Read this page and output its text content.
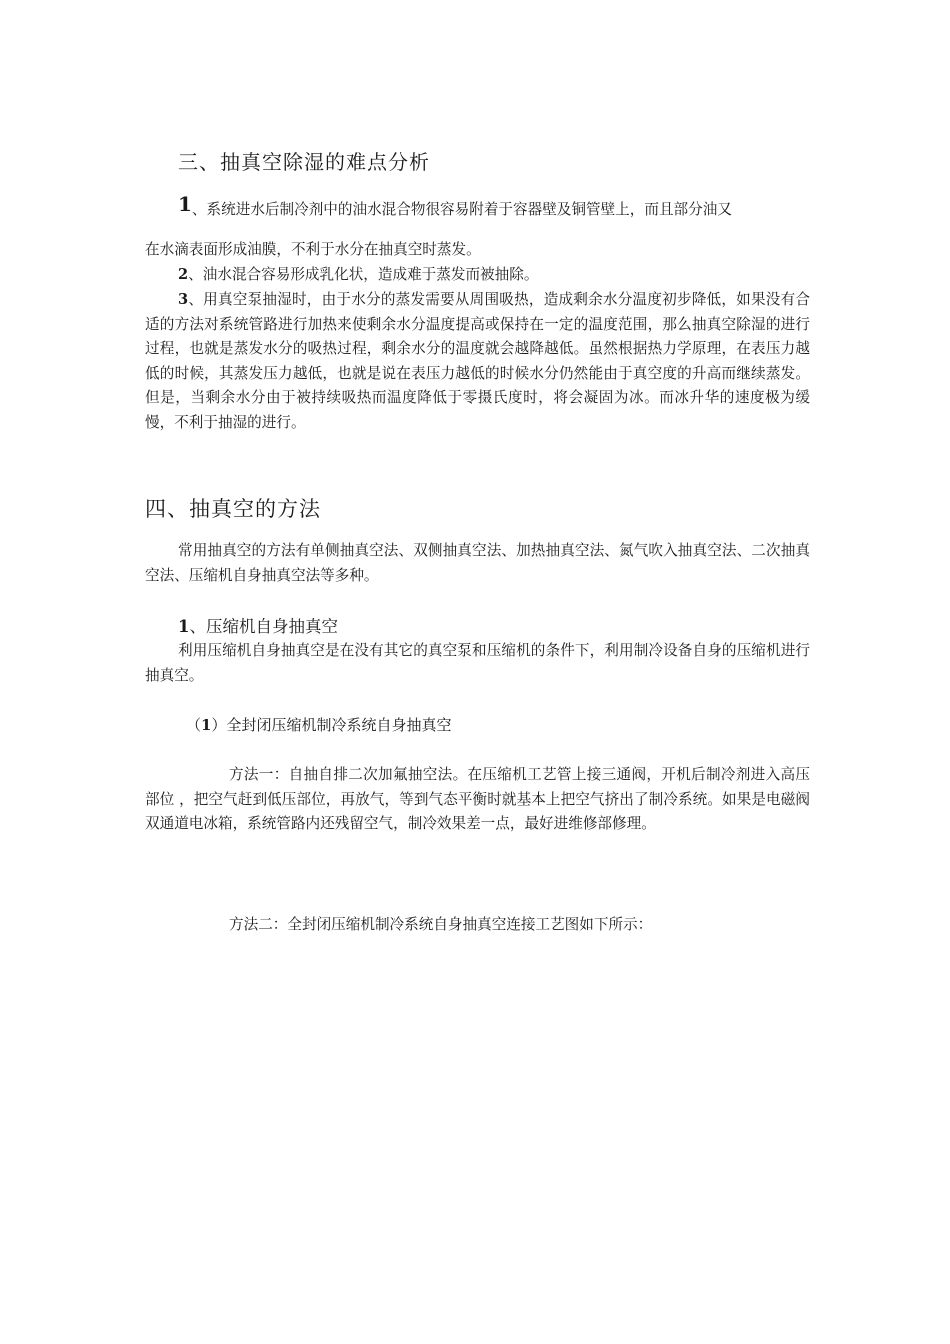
三、抽真空除湿的难点分析

1、系统进水后制冷剂中的油水混合物很容易附着于容器壁及铜管壁上，而且部分油又

在水滴表面形成油膜，不利于水分在抽真空时蒸发。

2、油水混合容易形成乳化状，造成难于蒸发而被抽除。

3、用真空泵抽湿时，由于水分的蒸发需要从周围吸热，造成剩余水分温度初步降低，如果没有合适的方法对系统管路进行加热来使剩余水分温度提高或保持在一定的温度范围，那么抽真空除湿的进行过程，也就是蒸发水分的吸热过程，剩余水分的温度就会越降越低。虽然根据热力学原理，在表压力越低的时候，其蒸发压力越低，也就是说在表压力越低的时候水分仍然能由于真空度的升高而继续蒸发。但是，当剩余水分由于被持续吸热而温度降低于零摄氏度时，将会凝固为冰。而冰升华的速度极为缓慢，不利于抽湿的进行。

四、抽真空的方法

常用抽真空的方法有单侧抽真空法、双侧抽真空法、加热抽真空法、氮气吹入抽真空法、二次抽真空法、压缩机自身抽真空法等多种。

1、压缩机自身抽真空

利用压缩机自身抽真空是在没有其它的真空泵和压缩机的条件下，利用制冷设备自身的压缩机进行抽真空。

（1）全封闭压缩机制冷系统自身抽真空

方法一：自抽自排二次加氟抽空法。在压缩机工艺管上接三通阀，开机后制冷剂进入高压部位 ，把空气赶到低压部位，再放气，等到气态平衡时就基本上把空气挤出了制冷系统。如果是电磁阀双通道电冰箱，系统管路内还残留空气，制冷效果差一点，最好进维修部修理。

方法二：全封闭压缩机制冷系统自身抽真空连接工艺图如下所示：
